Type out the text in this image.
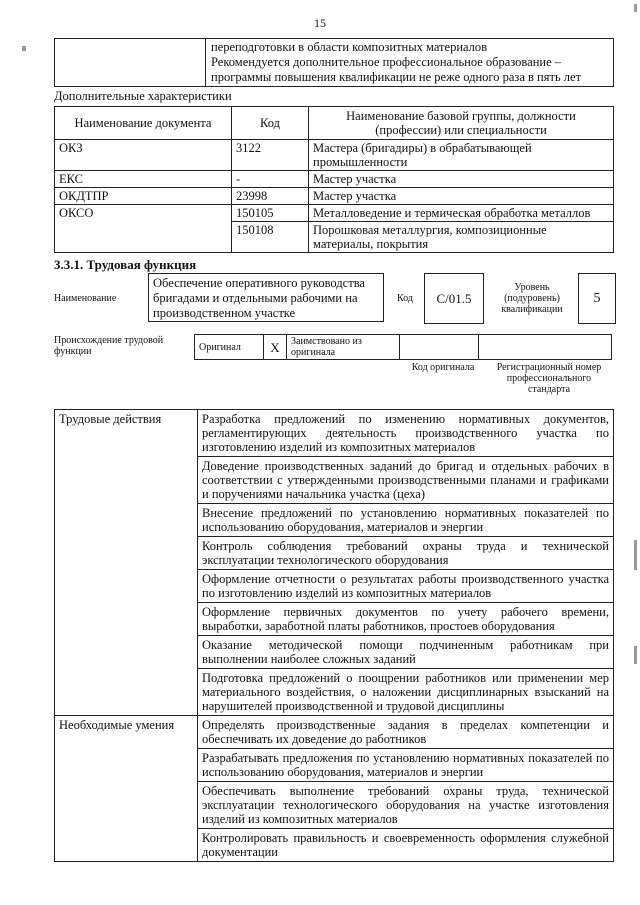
15

переподготовки в области композитных материалов
Рекомендуется дополнительное профессиональное образование –
программы повышения квалификации не реже одного раза в пять лет
Дополнительные характеристики
Наименование документа	Код	Наименование базовой группы, должности (профессии) или специальности
ОКЗ	3122	Мастера (бригадиры) в обрабатывающей промышленности
ЕКС	-	Мастер участка
ОКДТПР	23998	Мастер участка
ОКСО	150105	Металловедение и термическая обработка металлов
	150108	Порошковая металлургия, композиционные материалы, покрытия
3.3.1. Трудовая функция
Наименование
Обеспечение оперативного руководства бригадами и отдельными рабочими на производственном участке
Код	C/01.5
Уровень (подуровень) квалификации
5
Происхождение трудовой функции	Оригинал	X	Заимствовано из оригинала		
Код оригинала	Регистрационный номер профессионального стандарта
Трудовые действия	Разработка предложений по изменению нормативных документов, регламентирующих деятельность производственного участка по изготовлению изделий из композитных материалов
	Доведение производственных заданий до бригад и отдельных рабочих в соответствии с утвержденными производственными планами и графиками и поручениями начальника участка (цеха)
	Внесение предложений по установлению нормативных показателей по использованию оборудования, материалов и энергии
	Контроль соблюдения требований охраны труда и технической эксплуатации технологического оборудования
	Оформление отчетности о результатах работы производственного участка по изготовлению изделий из композитных материалов
	Оформление первичных документов по учету рабочего времени, выработки, заработной платы работников, простоев оборудования
	Оказание методической помощи подчиненным работникам при выполнении наиболее сложных заданий
	Подготовка предложений о поощрении работников или применении мер материального воздействия, о наложении дисциплинарных взысканий на нарушителей производственной и трудовой дисциплины
Необходимые умения	Определять производственные задания в пределах компетенции и обеспечивать их доведение до работников
	Разрабатывать предложения по установлению нормативных показателей по использованию оборудования, материалов и энергии
	Обеспечивать выполнение требований охраны труда, технической эксплуатации технологического оборудования на участке изготовления изделий из композитных материалов
	Контролировать правильность и своевременность оформления служебной документации
